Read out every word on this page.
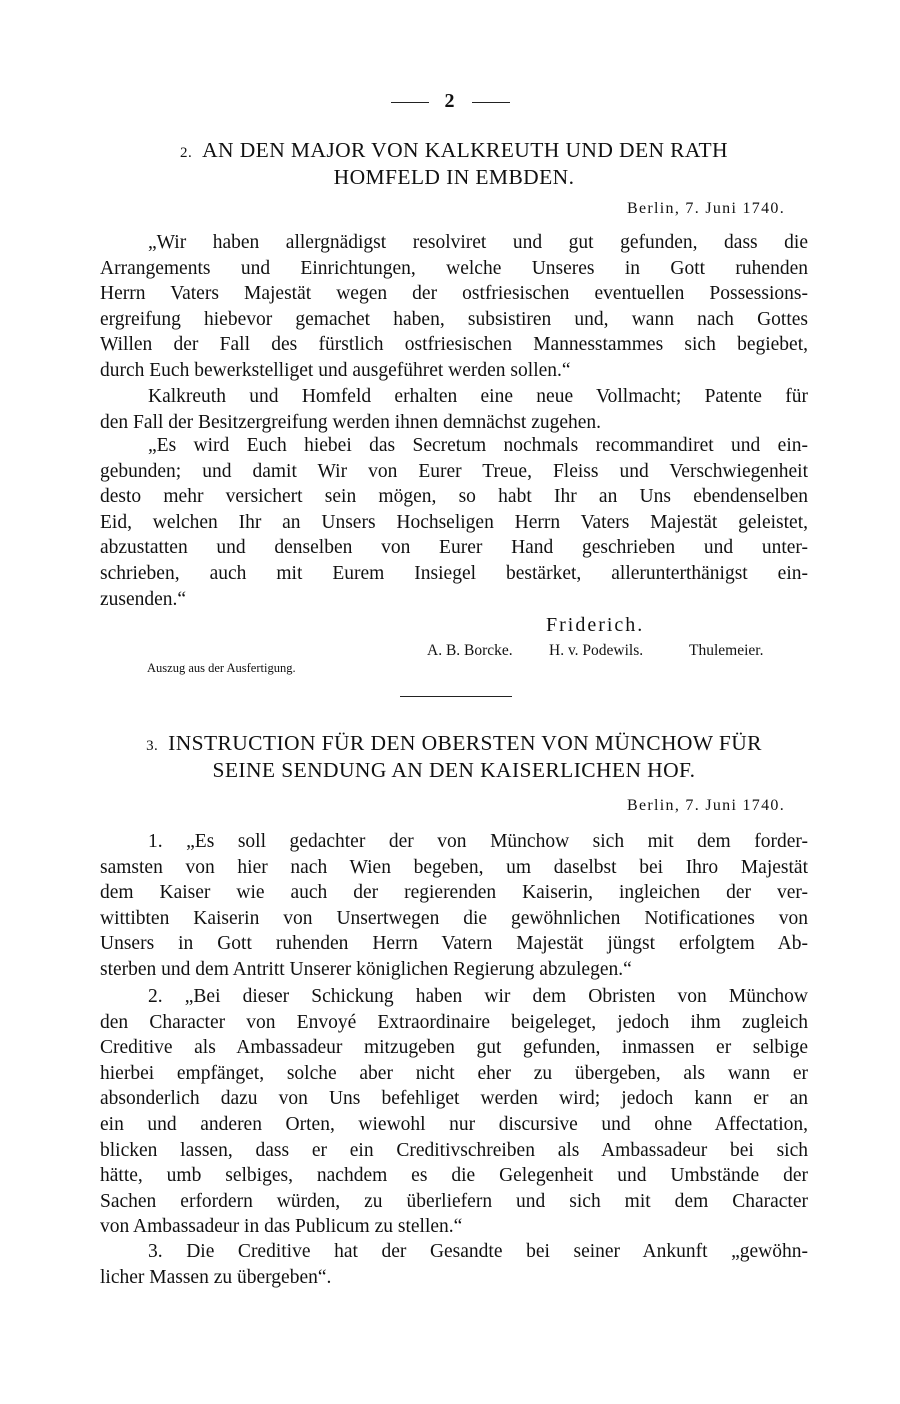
2
2. AN DEN MAJOR VON KALKREUTH UND DEN RATH
HOMFELD IN EMBDEN.
Berlin, 7. Juni 1740.
„Wir haben allergnädigst resolviret und gut gefunden, dass die
Arrangements und Einrichtungen, welche Unseres in Gott ruhenden
Herrn Vaters Majestät wegen der ostfriesischen eventuellen Possessions-
ergreifung hiebevor gemachet haben, subsistiren und, wann nach Gottes
Willen der Fall des fürstlich ostfriesischen Mannesstammes sich begiebet,
durch Euch bewerkstelliget und ausgeführet werden sollen.“
Kalkreuth und Homfeld erhalten eine neue Vollmacht; Patente für
den Fall der Besitzergreifung werden ihnen demnächst zugehen.
„Es wird Euch hiebei das Secretum nochmals recommandiret und ein-
gebunden; und damit Wir von Eurer Treue, Fleiss und Verschwiegenheit
desto mehr versichert sein mögen, so habt Ihr an Uns ebendenselben
Eid, welchen Ihr an Unsers Hochseligen Herrn Vaters Majestät geleistet,
abzustatten und denselben von Eurer Hand geschrieben und unter-
schrieben, auch mit Eurem Insiegel bestärket, allerunterthänigst ein-
zusenden.“
Friderich.
A. B. Borcke. H. v. Podewils.	Thulemeier.
Auszug aus der Ausfertigung.
3. INSTRUCTION FÜR DEN OBERSTEN VON MÜNCHOW FÜR
SEINE SENDUNG AN DEN KAISERLICHEN HOF.
Berlin, 7. Juni 1740.
1. „Es soll gedachter der von Münchow sich mit dem forder-
samsten von hier nach Wien begeben, um daselbst bei Ihro Majestät
dem Kaiser wie auch der regierenden Kaiserin, ingleichen der ver-
wittibten Kaiserin von Unsertwegen die gewöhnlichen Notificationes von
Unsers in Gott ruhenden Herrn Vatern Majestät jüngst erfolgtem Ab-
sterben und dem Antritt Unserer königlichen Regierung abzulegen.“
2. „Bei dieser Schickung haben wir dem Obristen von Münchow
den Character von Envoyé Extraordinaire beigeleget, jedoch ihm zugleich
Creditive als Ambassadeur mitzugeben gut gefunden, inmassen er selbige
hierbei empfänget, solche aber nicht eher zu übergeben, als wann er
absonderlich dazu von Uns befehliget werden wird; jedoch kann er an
ein und anderen Orten, wiewohl nur discursive und ohne Affectation,
blicken lassen, dass er ein Creditivschreiben als Ambassadeur bei sich
hätte, umb selbiges, nachdem es die Gelegenheit und Umbstände der
Sachen erfordern würden, zu überliefern und sich mit dem Character
von Ambassadeur in das Publicum zu stellen.“
3. Die Creditive hat der Gesandte bei seiner Ankunft „gewöhn-
licher Massen zu übergeben“.
